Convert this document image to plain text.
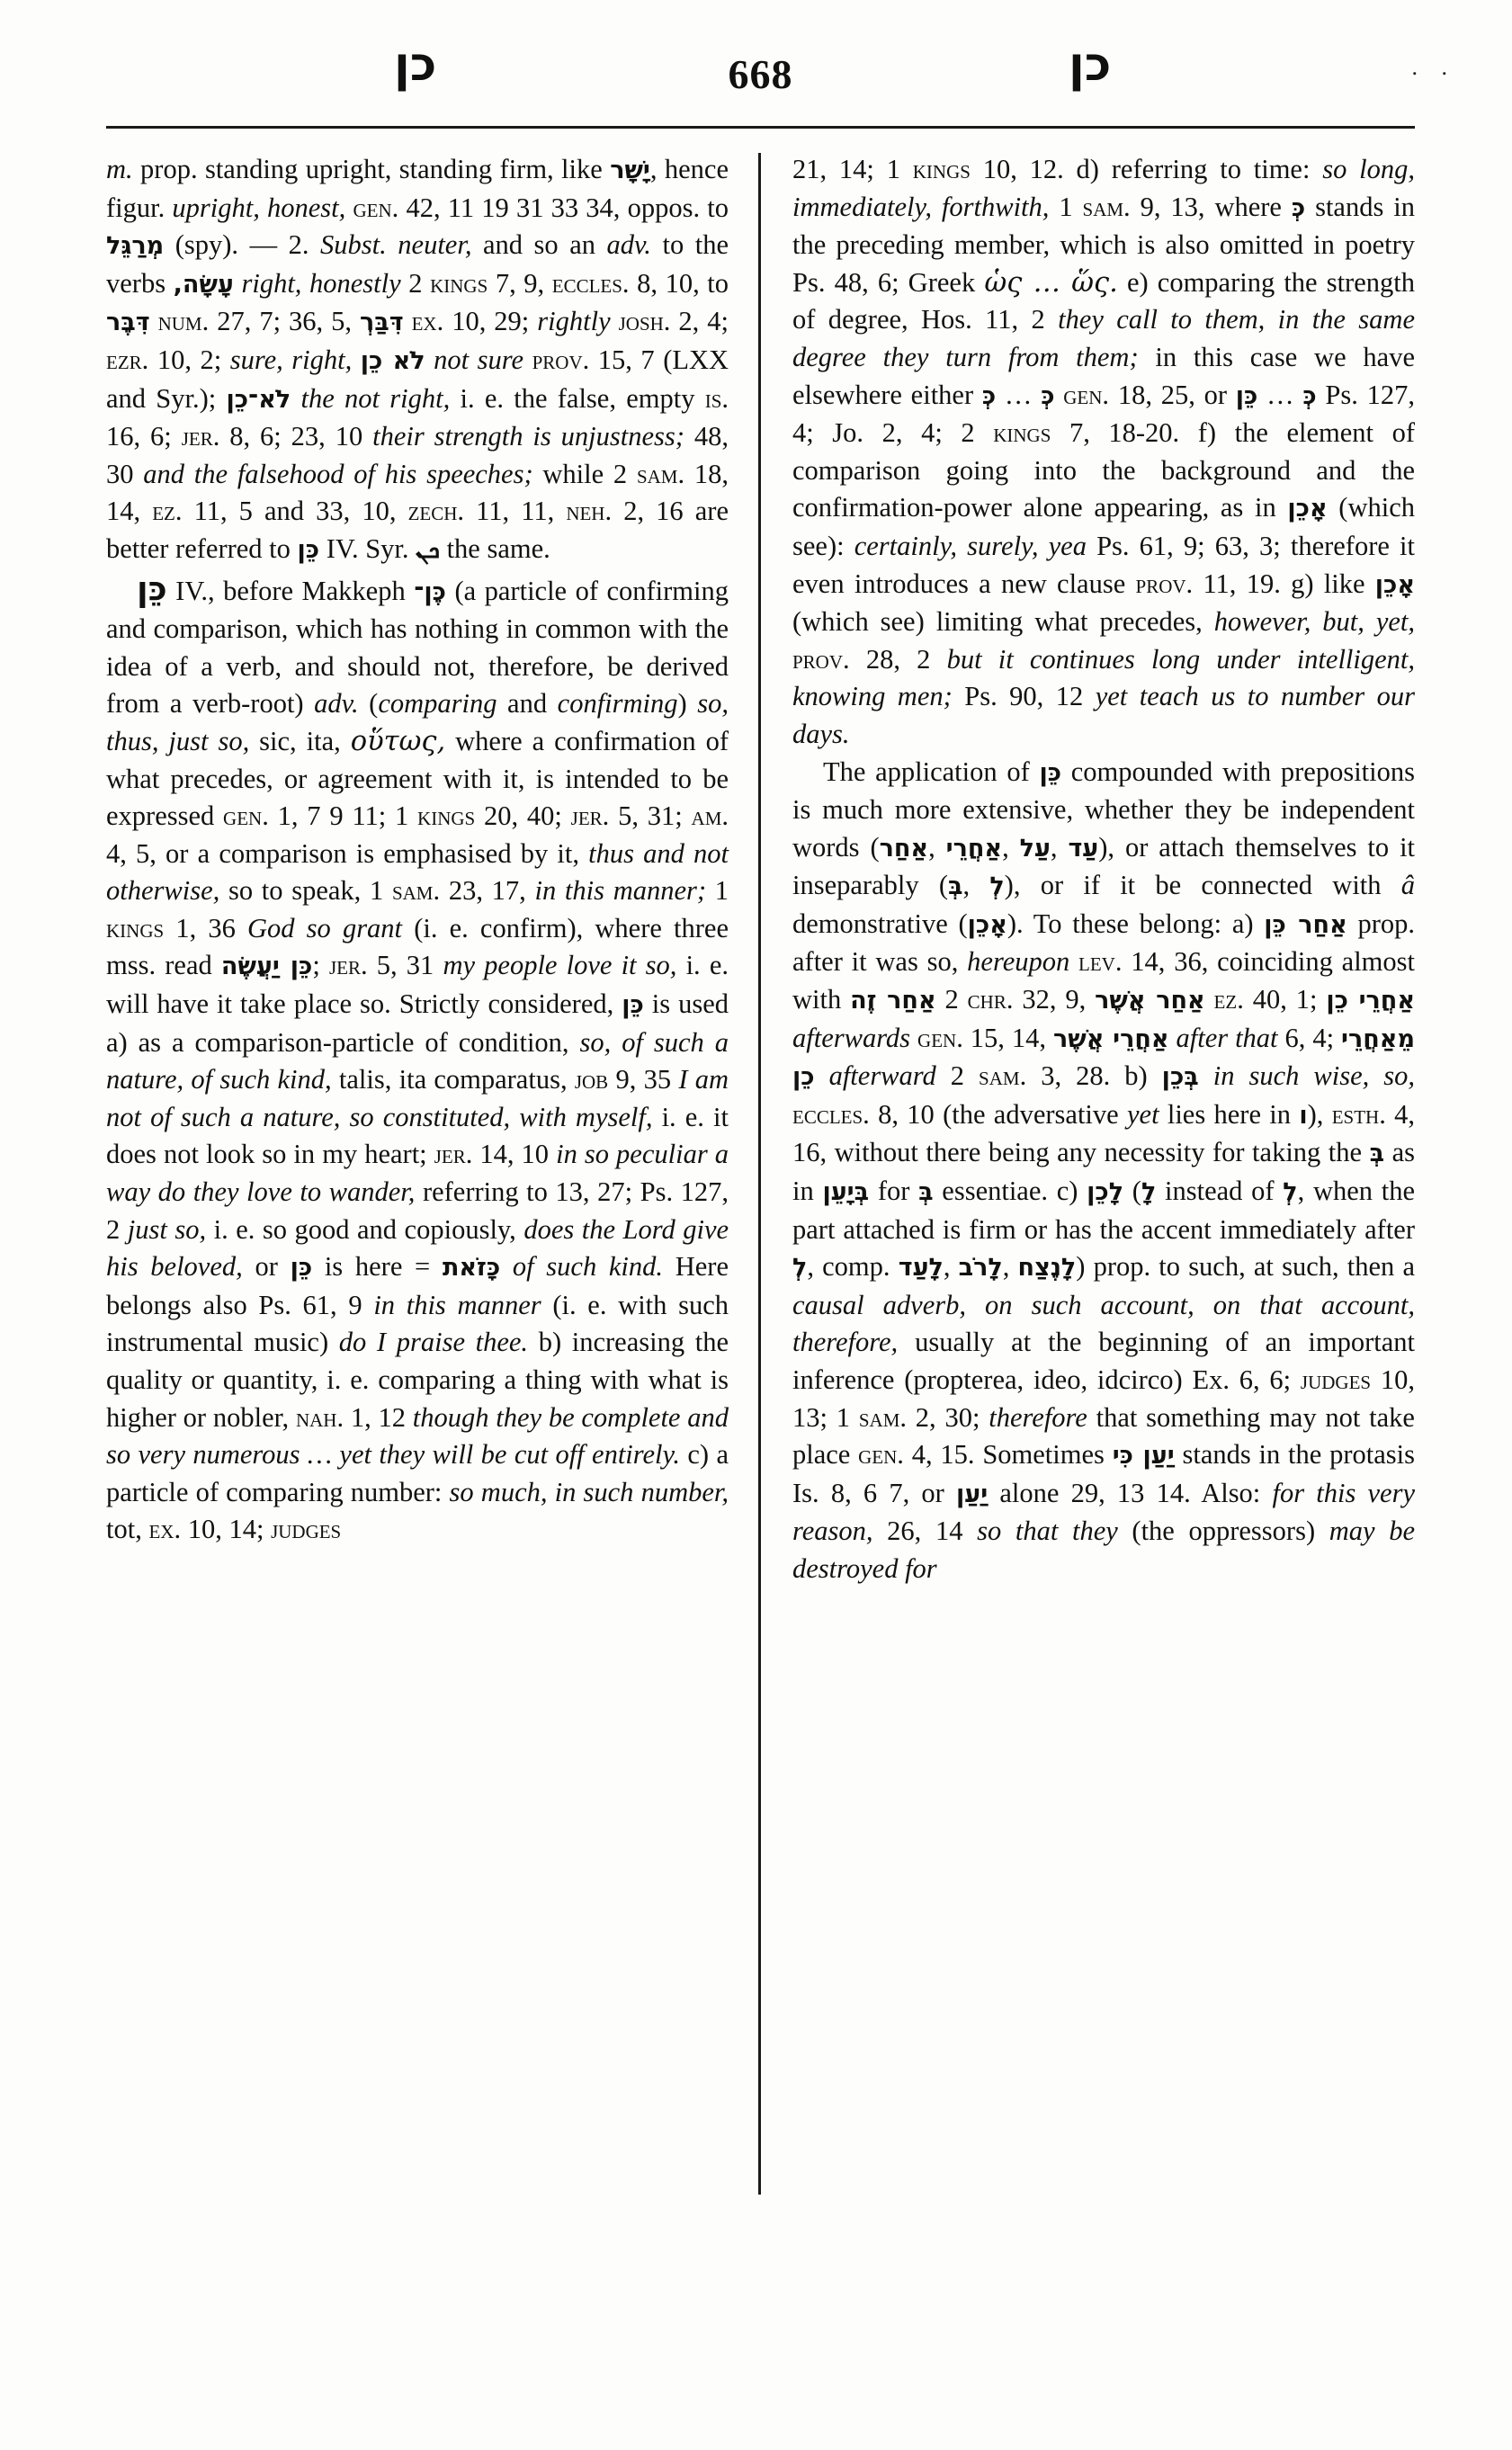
. .
כן	668	כן

m. prop. standing upright, standing firm, like יָשָׁר, hence figur. upright, honest, gen. 42, 11 19 31 33 34, oppos. to מְרַגֵּל (spy). — 2. Subst. neuter, and so an adv. to the verbs עָשָׂה, right, honestly 2 kings 7, 9, eccles. 8, 10, to דִּבֶּר num. 27, 7; 36, 5, דִּבַּרְ ex. 10, 29; rightly josh. 2, 4; ezr. 10, 2; sure, right, לֹא כֵן not sure prov. 15, 7 (LXX and Syr.); לֹא־כֵן the not right, i. e. the false, empty is. 16, 6; jer. 8, 6; 23, 10 their strength is unjustness; 48, 30 and the falsehood of his speeches; while 2 sam. 18, 14, ez. 11, 5 and 33, 10, zech. 11, 11, neh. 2, 16 are better referred to כֵּן IV. Syr. ܟܢ the same.

כֵּן IV., before Makkeph כֶּן־ (a particle of confirming and comparison, which has nothing in common with the idea of a verb, and should not, therefore, be derived from a verb-root) adv. (comparing and confirming) so, thus, just so, sic, ita, οὕτως, where a confirmation of what precedes, or agreement with it, is intended to be expressed gen. 1, 7 9 11; 1 kings 20, 40; jer. 5, 31; am. 4, 5, or a comparison is emphasised by it, thus and not otherwise, so to speak, 1 sam. 23, 17, in this manner; 1 kings 1, 36 God so grant (i. e. confirm), where three mss. read כֵּן יַעֲשֶׂה; jer. 5, 31 my people love it so, i. e. will have it take place so. Strictly considered, כֵּן is used a) as a comparison-particle of condition, so, of such a nature, of such kind, talis, ita comparatus, job 9, 35 I am not of such a nature, so constituted, with myself, i. e. it does not look so in my heart; jer. 14, 10 in so peculiar a way do they love to wander, referring to 13, 27; Ps. 127, 2 just so, i. e. so good and copiously, does the Lord give his beloved, or כֵּן is here = כָּזֹאת of such kind. Here belongs also Ps. 61, 9 in this manner (i. e. with such instrumental music) do I praise thee. b) increasing the quality or quantity, i. e. comparing a thing with what is higher or nobler, nah. 1, 12 though they be complete and so very numerous … yet they will be cut off entirely. c) a particle of comparing number: so much, in such number, tot, ex. 10, 14; judges

21, 14; 1 kings 10, 12. d) referring to time: so long, immediately, forthwith, 1 sam. 9, 13, where כְּ stands in the preceding member, which is also omitted in poetry Ps. 48, 6; Greek ὡς … ὥς. e) comparing the strength of degree, Hos. 11, 2 they call to them, in the same degree they turn from them; in this case we have elsewhere either כְּ … כְּ gen. 18, 25, or כֵּן … כְּ Ps. 127, 4; Jo. 2, 4; 2 kings 7, 18-20. f) the element of comparison going into the background and the confirmation-power alone appearing, as in אָכֵן (which see): certainly, surely, yea Ps. 61, 9; 63, 3; therefore it even introduces a new clause prov. 11, 19. g) like אָכֵן (which see) limiting what precedes, however, but, yet, prov. 28, 2 but it continues long under intelligent, knowing men; Ps. 90, 12 yet teach us to number our days.

The application of כֵּן compounded with prepositions is much more extensive, whether they be independent words (אַחַר, אַחֲרֵי, עַל, עַד), or attach themselves to it inseparably (בְּ, לְ), or if it be connected with â demonstrative (אָכֵן). To these belong: a) אַחַר כֵּן prop. after it was so, hereupon lev. 14, 36, coinciding almost with אַחַר זֶה 2 chr. 32, 9, אַחַר אֲשֶׁר ez. 40, 1; אַחֲרֵי כֵן afterwards gen. 15, 14, אַחֲרֵי אֲשֶׁר after that 6, 4; מֵאַחֲרֵי כֵן afterward 2 sam. 3, 28. b) בְּכֵן in such wise, so, eccles. 8, 10 (the adversative yet lies here in ו), esth. 4, 16, without there being any necessity for taking the בְּ as in בְּיָעֵן for בְּ essentiae. c) לָכֵן (לָ instead of לְ, when the part attached is firm or has the accent immediately after לְ, comp. לָעַד, לָרֹב, לָנֶצַח) prop. to such, at such, then a causal adverb, on such account, on that account, therefore, usually at the beginning of an important inference (propterea, ideo, idcirco) Ex. 6, 6; judges 10, 13; 1 sam. 2, 30; therefore that something may not take place gen. 4, 15. Sometimes יַעַן כִּי stands in the protasis Is. 8, 6 7, or יַעַן alone 29, 13 14. Also: for this very reason, 26, 14 so that they (the oppressors) may be destroyed for
